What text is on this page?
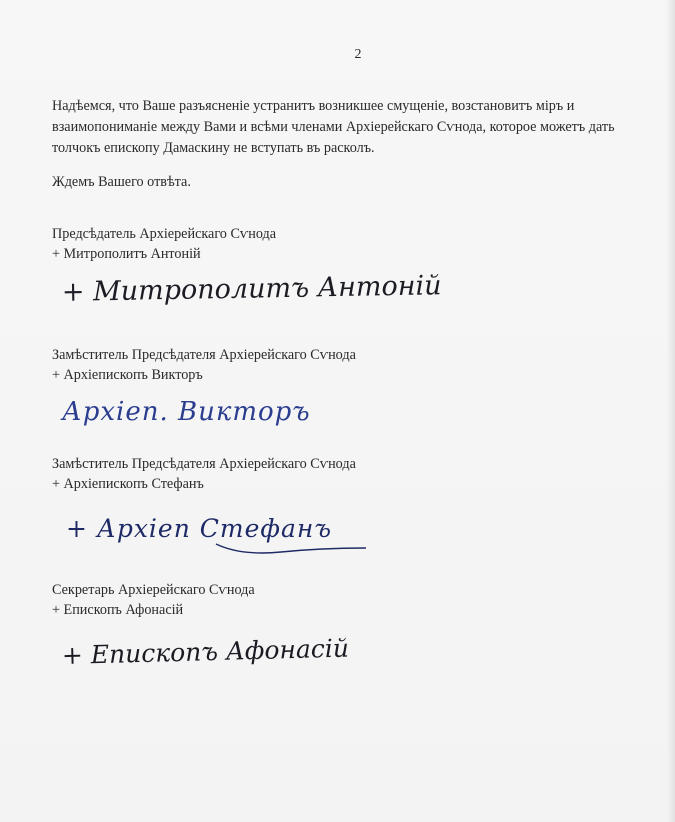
2
Надѣемся, что Ваше разъясненіе устранитъ возникшее смущеніе, возстановитъ міръ и
взаимопониманіе между Вами и всѣми членами Архіерейскаго Сѵнода, которое можетъ дать
толчокъ епископу Дамаскину не вступать въ расколъ.
Ждемъ Вашего отвѣта.
Предсѣдатель Архіерейскаго Сѵнода
+ Митрополитъ Антоній
+ Митрополитъ Антоній
Замѣститель Предсѣдателя Архіерейскаго Сѵнода
+ Архіепископъ Викторъ
Архіеп. Викторъ
Замѣститель Предсѣдателя Архіерейскаго Сѵнода
+ Архіепископъ Стефанъ
+ Архіеп Стефанъ
Секретарь Архіерейскаго Сѵнода
+ Епископъ Афонасій
+ Епископъ Афонасій
